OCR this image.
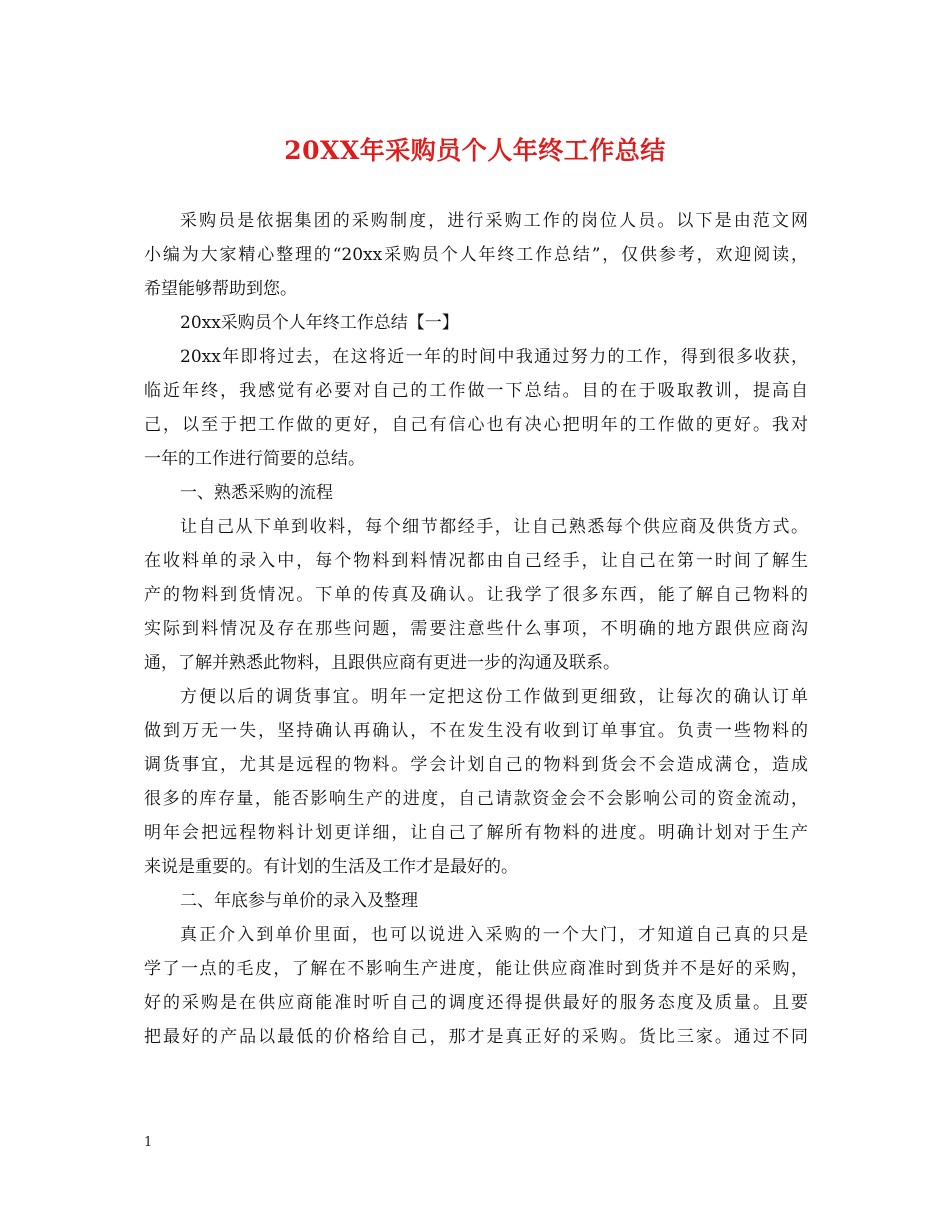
20XX年采购员个人年终工作总结
采购员是依据集团的采购制度，进行采购工作的岗位人员。以下是由范文网
小编为大家精心整理的“20xx采购员个人年终工作总结”，仅供参考，欢迎阅读，
希望能够帮助到您。
20xx采购员个人年终工作总结【一】
20xx年即将过去，在这将近一年的时间中我通过努力的工作，得到很多收获，
临近年终，我感觉有必要对自己的工作做一下总结。目的在于吸取教训，提高自
己，以至于把工作做的更好，自己有信心也有决心把明年的工作做的更好。我对
一年的工作进行简要的总结。
一、熟悉采购的流程
让自己从下单到收料，每个细节都经手，让自己熟悉每个供应商及供货方式。
在收料单的录入中，每个物料到料情况都由自己经手，让自己在第一时间了解生
产的物料到货情况。下单的传真及确认。让我学了很多东西，能了解自己物料的
实际到料情况及存在那些问题，需要注意些什么事项，不明确的地方跟供应商沟
通，了解并熟悉此物料，且跟供应商有更进一步的沟通及联系。
方便以后的调货事宜。明年一定把这份工作做到更细致，让每次的确认订单
做到万无一失，坚持确认再确认，不在发生没有收到订单事宜。负责一些物料的
调货事宜，尤其是远程的物料。学会计划自己的物料到货会不会造成满仓，造成
很多的库存量，能否影响生产的进度，自己请款资金会不会影响公司的资金流动，
明年会把远程物料计划更详细，让自己了解所有物料的进度。明确计划对于生产
来说是重要的。有计划的生活及工作才是最好的。
二、年底参与单价的录入及整理
真正介入到单价里面，也可以说进入采购的一个大门，才知道自己真的只是
学了一点的毛皮，了解在不影响生产进度，能让供应商准时到货并不是好的采购，
好的采购是在供应商能准时听自己的调度还得提供最好的服务态度及质量。且要
把最好的产品以最低的价格给自己，那才是真正好的采购。货比三家。通过不同
1
